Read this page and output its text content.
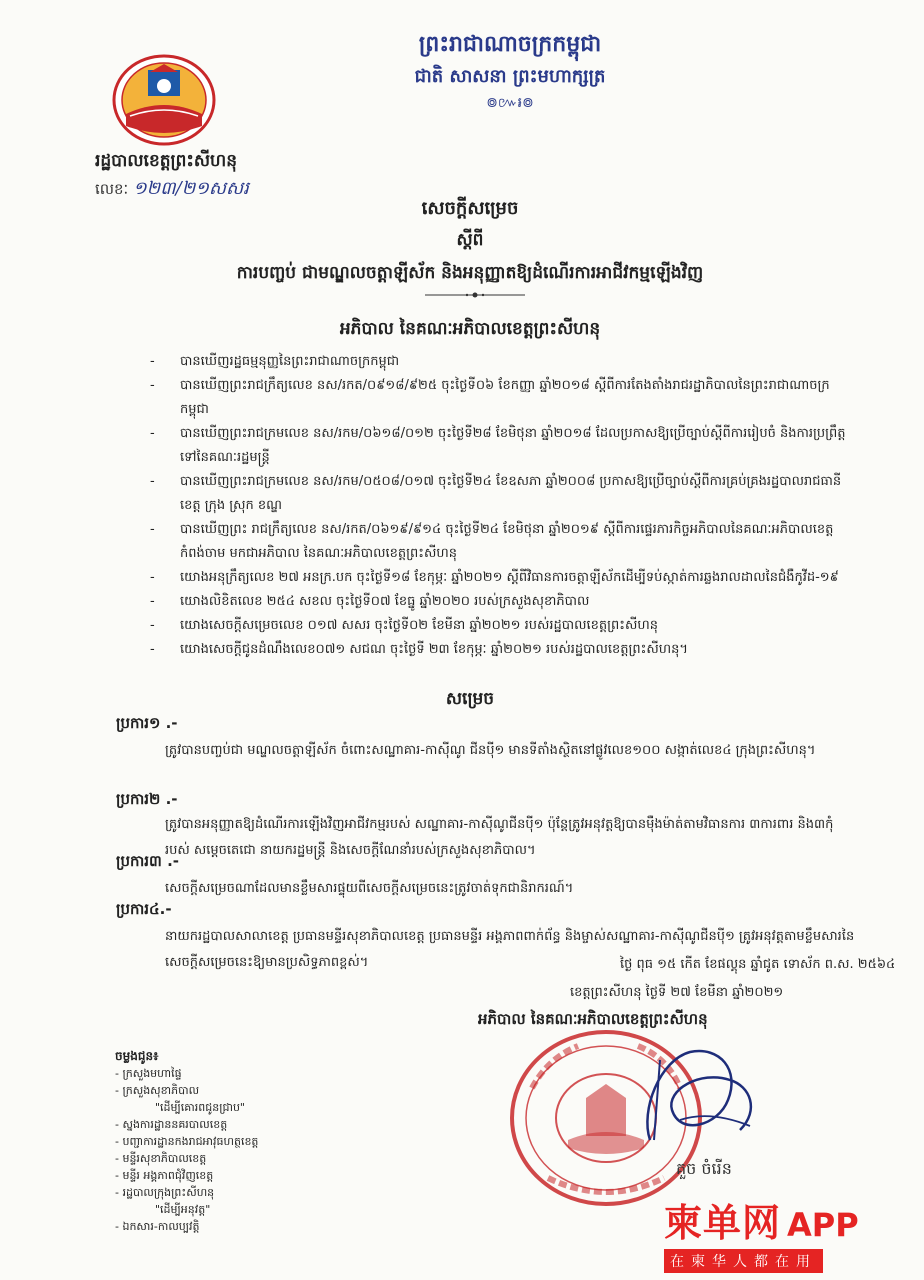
ព្រះរាជាណាចក្រកម្ពុជា
ជាតិ សាសនា ព្រះមហាក្សត្រ
៙៚៛៙
រដ្ឋបាលខេត្តព្រះសីហនុ
លេខៈ ១២៣/២១សសរ
សេចក្តីសម្រេច
ស្តីពី
ការបញ្ចប់ ជាមណ្ឌលចត្តាឡីស័ក និងអនុញ្ញាតឱ្យដំណើរការអាជីវកម្មឡើងវិញ
អភិបាល នៃគណៈអភិបាលខេត្តព្រះសីហនុ
- បានឃើញរដ្ឋធម្មនុញ្ញនៃព្រះរាជាណាចក្រកម្ពុជា
- បានឃើញព្រះរាជក្រឹត្យលេខ នស/រកត/០៩១៨/៩២៥ ចុះថ្ងៃទី០៦ ខែកញ្ញា ឆ្នាំ២០១៨ ស្តីពីការតែងតាំងរាជរដ្ឋាភិបាលនៃព្រះរាជាណាចក្រកម្ពុជា
- បានឃើញព្រះរាជក្រមលេខ នស/រកម/០៦១៨/០១២ ចុះថ្ងៃទី២៨ ខែមិថុនា ឆ្នាំ២០១៨ ដែលប្រកាសឱ្យប្រើច្បាប់ស្តីពីការរៀបចំ និងការប្រព្រឹត្តទៅនៃគណៈរដ្ឋមន្ត្រី
- បានឃើញព្រះរាជក្រមលេខ នស/រកម/០៥០៨/០១៧ ចុះថ្ងៃទី២៤ ខែឧសភា ឆ្នាំ២០០៨ ប្រកាសឱ្យប្រើច្បាប់ស្តីពីការគ្រប់គ្រងរដ្ឋបាលរាជធានី ខេត្ត ក្រុង ស្រុក ខណ្ឌ
- បានឃើញព្រះ រាជក្រឹត្យលេខ នស/រកត/០៦១៩/៩១៤ ចុះថ្ងៃទី២៤ ខែមិថុនា ឆ្នាំ២០១៩ ស្តីពីការផ្ទេរភារកិច្ចអភិបាលនៃគណៈអភិបាលខេត្តកំពង់ចាម មកជាអភិបាល នៃគណៈអភិបាលខេត្តព្រះសីហនុ
- យោងអនុក្រឹត្យលេខ ២៧ អនក្រ.បក ចុះថ្ងៃទី១៨ ខែកុម្ភៈ ឆ្នាំ២០២១ ស្តីពីវិធានការចត្តាឡីស័កដើម្បីទប់ស្កាត់ការឆ្លងរាលដាលនៃជំងឺកូវីដ-១៩
- យោងលិខិតលេខ ២៥៤ សខល ចុះថ្ងៃទី០៧ ខែធ្នូ ឆ្នាំ២០២០ របស់ក្រសួងសុខាភិបាល
- យោងសេចក្តីសម្រេចលេខ ០១៧ សសរ ចុះថ្ងៃទី០២ ខែមីនា ឆ្នាំ២០២១ របស់រដ្ឋបាលខេត្តព្រះសីហនុ
- យោងសេចក្តីជូនដំណឹងលេខ០៧១ សជណ ចុះថ្ងៃទី ២៣ ខែកុម្ភៈ ឆ្នាំ២០២១ របស់រដ្ឋបាលខេត្តព្រះសីហនុ។
សម្រេច
ប្រការ១ .-
ត្រូវបានបញ្ចប់ជា មណ្ឌលចត្តាឡីស័ក ចំពោះសណ្ឋាគារ-កាស៊ីណូ ជីនប៉ី១ មានទីតាំងស្ថិតនៅផ្លូវលេខ១០០ សង្កាត់លេខ៤ ក្រុងព្រះសីហនុ។
ប្រការ២ .-
ត្រូវបានអនុញ្ញាតឱ្យដំណើរការឡើងវិញអាជីវកម្មរបស់ សណ្ឋាគារ-កាស៊ីណូជីនប៉ី១ ប៉ុន្តែត្រូវអនុវត្តឱ្យបានម៉ឺងម៉ាត់តាមវិធានការ ៣ការពារ និង៣កុំ របស់ សម្តេចតេជោ នាយករដ្ឋមន្ត្រី និងសេចក្តីណែនាំរបស់ក្រសួងសុខាភិបាល។
ប្រការ៣ .-
សេចក្តីសម្រេចណាដែលមានខ្លឹមសារផ្ទុយពីសេចក្តីសម្រេចនេះត្រូវចាត់ទុកជានិរាករណ៍។
ប្រការ៤.-
នាយករដ្ឋបាលសាលាខេត្ត ប្រធានមន្ទីរសុខាភិបាលខេត្ត ប្រធានមន្ទីរ អង្គភាពពាក់ព័ន្ធ និងម្ចាស់សណ្ឋាគារ-កាស៊ីណូជីនប៉ី១ ត្រូវអនុវត្តតាមខ្លឹមសារនៃសេចក្តីសម្រេចនេះឱ្យមានប្រសិទ្ធភាពខ្ពស់។	ថ្ងៃ ពុធ ១៥ កើត ខែផល្គុន ឆ្នាំជូត ទោស័ក ព.ស. ២៥៦៤
ខេត្តព្រះសីហនុ ថ្ងៃទី ២៧ ខែមីនា ឆ្នាំ២០២១
អភិបាល នៃគណៈអភិបាលខេត្តព្រះសីហនុ
ចម្លងជូន៖
- ក្រសួងមហាផ្ទៃ
- ក្រសួងសុខាភិបាល
"ដើម្បីគោរពជូនជ្រាប"
- ស្នងការដ្ឋាននគរបាលខេត្ត
- បញ្ជាការដ្ឋានកងរាជអាវុធហត្ថខេត្ត
- មន្ទីរសុខាភិបាលខេត្ត
- មន្ទីរ អង្គភាពជុំវិញខេត្ត
- រដ្ឋបាលក្រុងព្រះសីហនុ
"ដើម្បីអនុវត្ត"
- ឯកសារ-កាលប្បវត្តិ
គួច ចំរើន
柬单网 APP
在柬华人都在用
